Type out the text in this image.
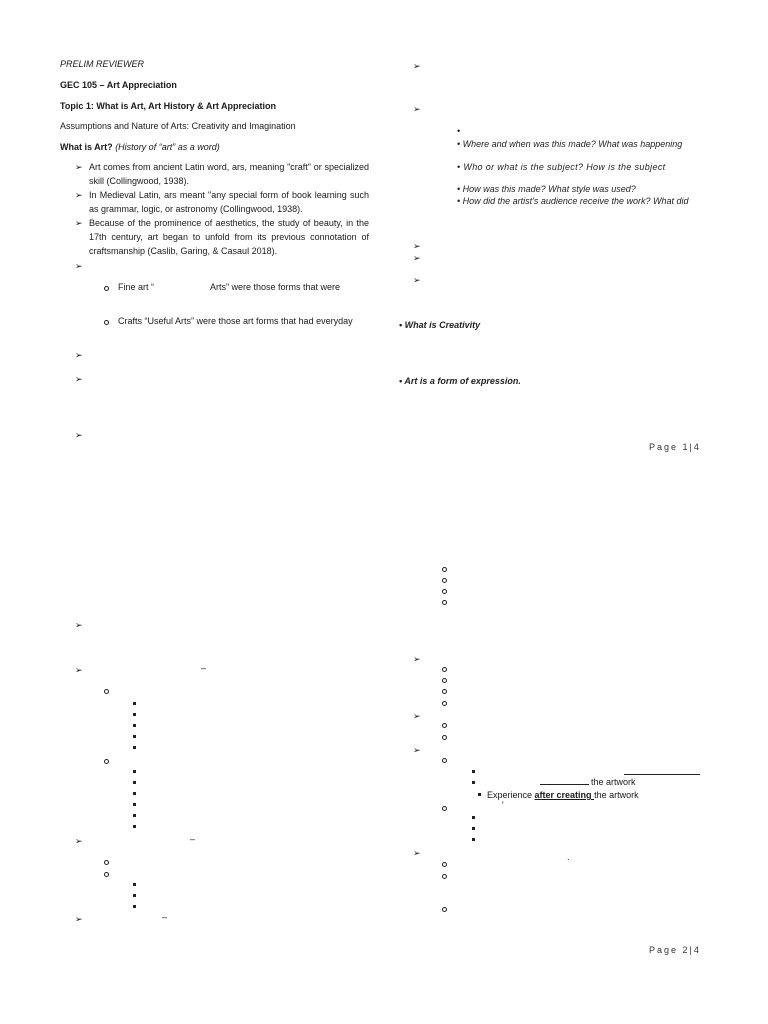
PRELIM REVIEWER
GEC 105 – Art Appreciation
Topic 1: What is Art, Art History & Art Appreciation
Assumptions and Nature of Arts: Creativity and Imagination
What is Art? (History of “art” as a word)
➢ Art comes from ancient Latin word, ars, meaning "craft" or specialized skill (Collingwood, 1938).
➢ In Medieval Latin, ars meant "any special form of book learning such as grammar, logic, or astronomy (Collingwood, 1938).
➢ Because of the prominence of aesthetics, the study of beauty, in the 17th century, art began to unfold from its previous connotation of craftsmanship (Caslib, Garing, & Casaul 2018).
➢
Fine art “	Arts” were those forms that were
Crafts “Useful Arts” were those art forms that had everyday
➢
➢
➢
➢
➢
•
• Where and when was this made? What was happening
• Who or what is the subject? How is the subject
• How was this made? What style was used?
• How did the artist's audience receive the work? What did
➢
➢
➢
• What is Creativity
• Art is a form of expression.
Page 1|4
➢
➢	–
➢	–
➢	–
➢
➢
➢
the artwork
Experience after creating the artwork
'
➢	.
Page 2|4
